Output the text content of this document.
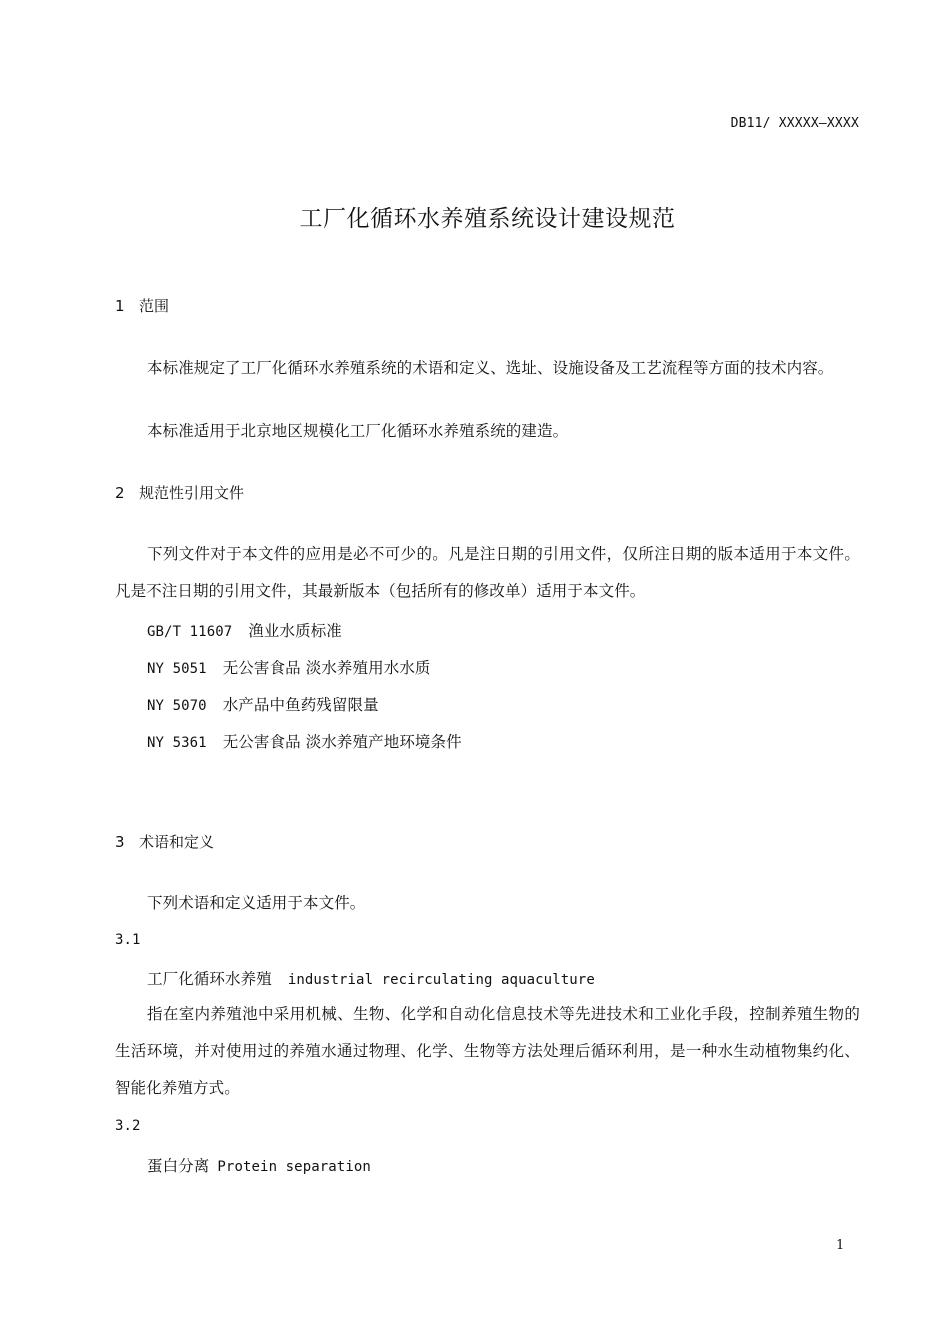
DB11/ XXXXX—XXXX
工厂化循环水养殖系统设计建设规范
1 范围
本标准规定了工厂化循环水养殖系统的术语和定义、选址、设施设备及工艺流程等方面的技术内容。
本标准适用于北京地区规模化工厂化循环水养殖系统的建造。
2 规范性引用文件
下列文件对于本文件的应用是必不可少的。凡是注日期的引用文件，仅所注日期的版本适用于本文件。凡是不注日期的引用文件，其最新版本（包括所有的修改单）适用于本文件。
GB/T 11607 渔业水质标准
NY 5051 无公害食品 淡水养殖用水水质
NY 5070 水产品中鱼药残留限量
NY 5361 无公害食品 淡水养殖产地环境条件
3 术语和定义
下列术语和定义适用于本文件。
3.1
工厂化循环水养殖 industrial recirculating aquaculture
指在室内养殖池中采用机械、生物、化学和自动化信息技术等先进技术和工业化手段，控制养殖生物的生活环境，并对使用过的养殖水通过物理、化学、生物等方法处理后循环利用，是一种水生动植物集约化、智能化养殖方式。
3.2
蛋白分离 Protein separation
1
